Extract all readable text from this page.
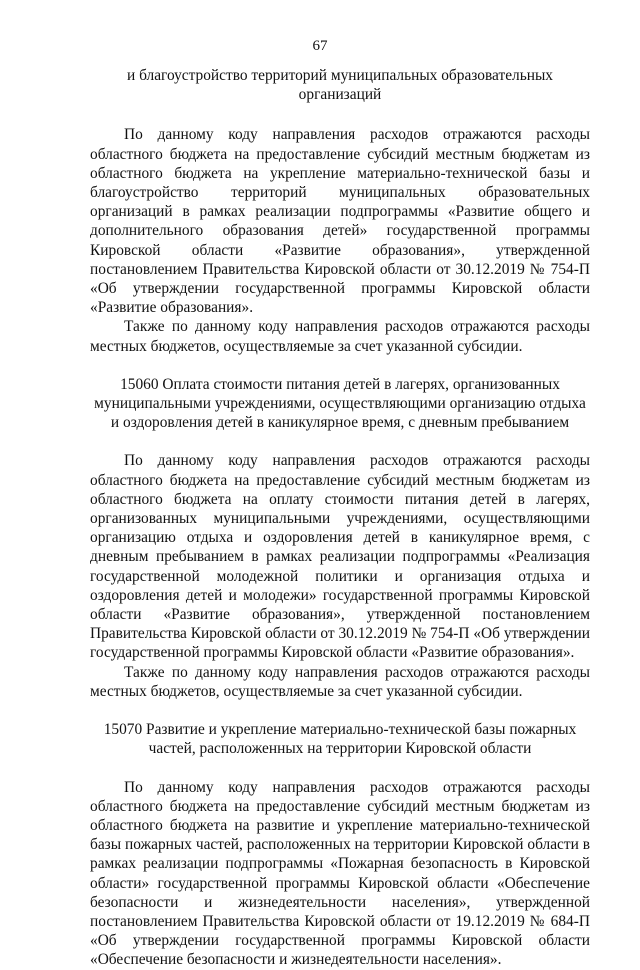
67

и благоустройство территорий муниципальных образовательных организаций

По данному коду направления расходов отражаются расходы областного бюджета на предоставление субсидий местным бюджетам из областного бюджета на укрепление материально-технической базы и благоустройство территорий муниципальных образовательных организаций в рамках реализации подпрограммы «Развитие общего и дополнительного образования детей» государственной программы Кировской области «Развитие образования», утвержденной постановлением Правительства Кировской области от 30.12.2019 № 754-П «Об утверждении государственной программы Кировской области «Развитие образования».

Также по данному коду направления расходов отражаются расходы местных бюджетов, осуществляемые за счет указанной субсидии.

15060 Оплата стоимости питания детей в лагерях, организованных муниципальными учреждениями, осуществляющими организацию отдыха и оздоровления детей в каникулярное время, с дневным пребыванием

По данному коду направления расходов отражаются расходы областного бюджета на предоставление субсидий местным бюджетам из областного бюджета на оплату стоимости питания детей в лагерях, организованных муниципальными учреждениями, осуществляющими организацию отдыха и оздоровления детей в каникулярное время, с дневным пребыванием в рамках реализации подпрограммы «Реализация государственной молодежной политики и организация отдыха и оздоровления детей и молодежи» государственной программы Кировской области «Развитие образования», утвержденной постановлением Правительства Кировской области от 30.12.2019 № 754-П «Об утверждении государственной программы Кировской области «Развитие образования».

Также по данному коду направления расходов отражаются расходы местных бюджетов, осуществляемые за счет указанной субсидии.

15070 Развитие и укрепление материально-технической базы пожарных частей, расположенных на территории Кировской области

По данному коду направления расходов отражаются расходы областного бюджета на предоставление субсидий местным бюджетам из областного бюджета на развитие и укрепление материально-технической базы пожарных частей, расположенных на территории Кировской области в рамках реализации подпрограммы «Пожарная безопасность в Кировской области» государственной программы Кировской области «Обеспечение безопасности и жизнедеятельности населения», утвержденной постановлением Правительства Кировской области от 19.12.2019 № 684-П «Об утверждении государственной программы Кировской области «Обеспечение безопасности и жизнедеятельности населения».
